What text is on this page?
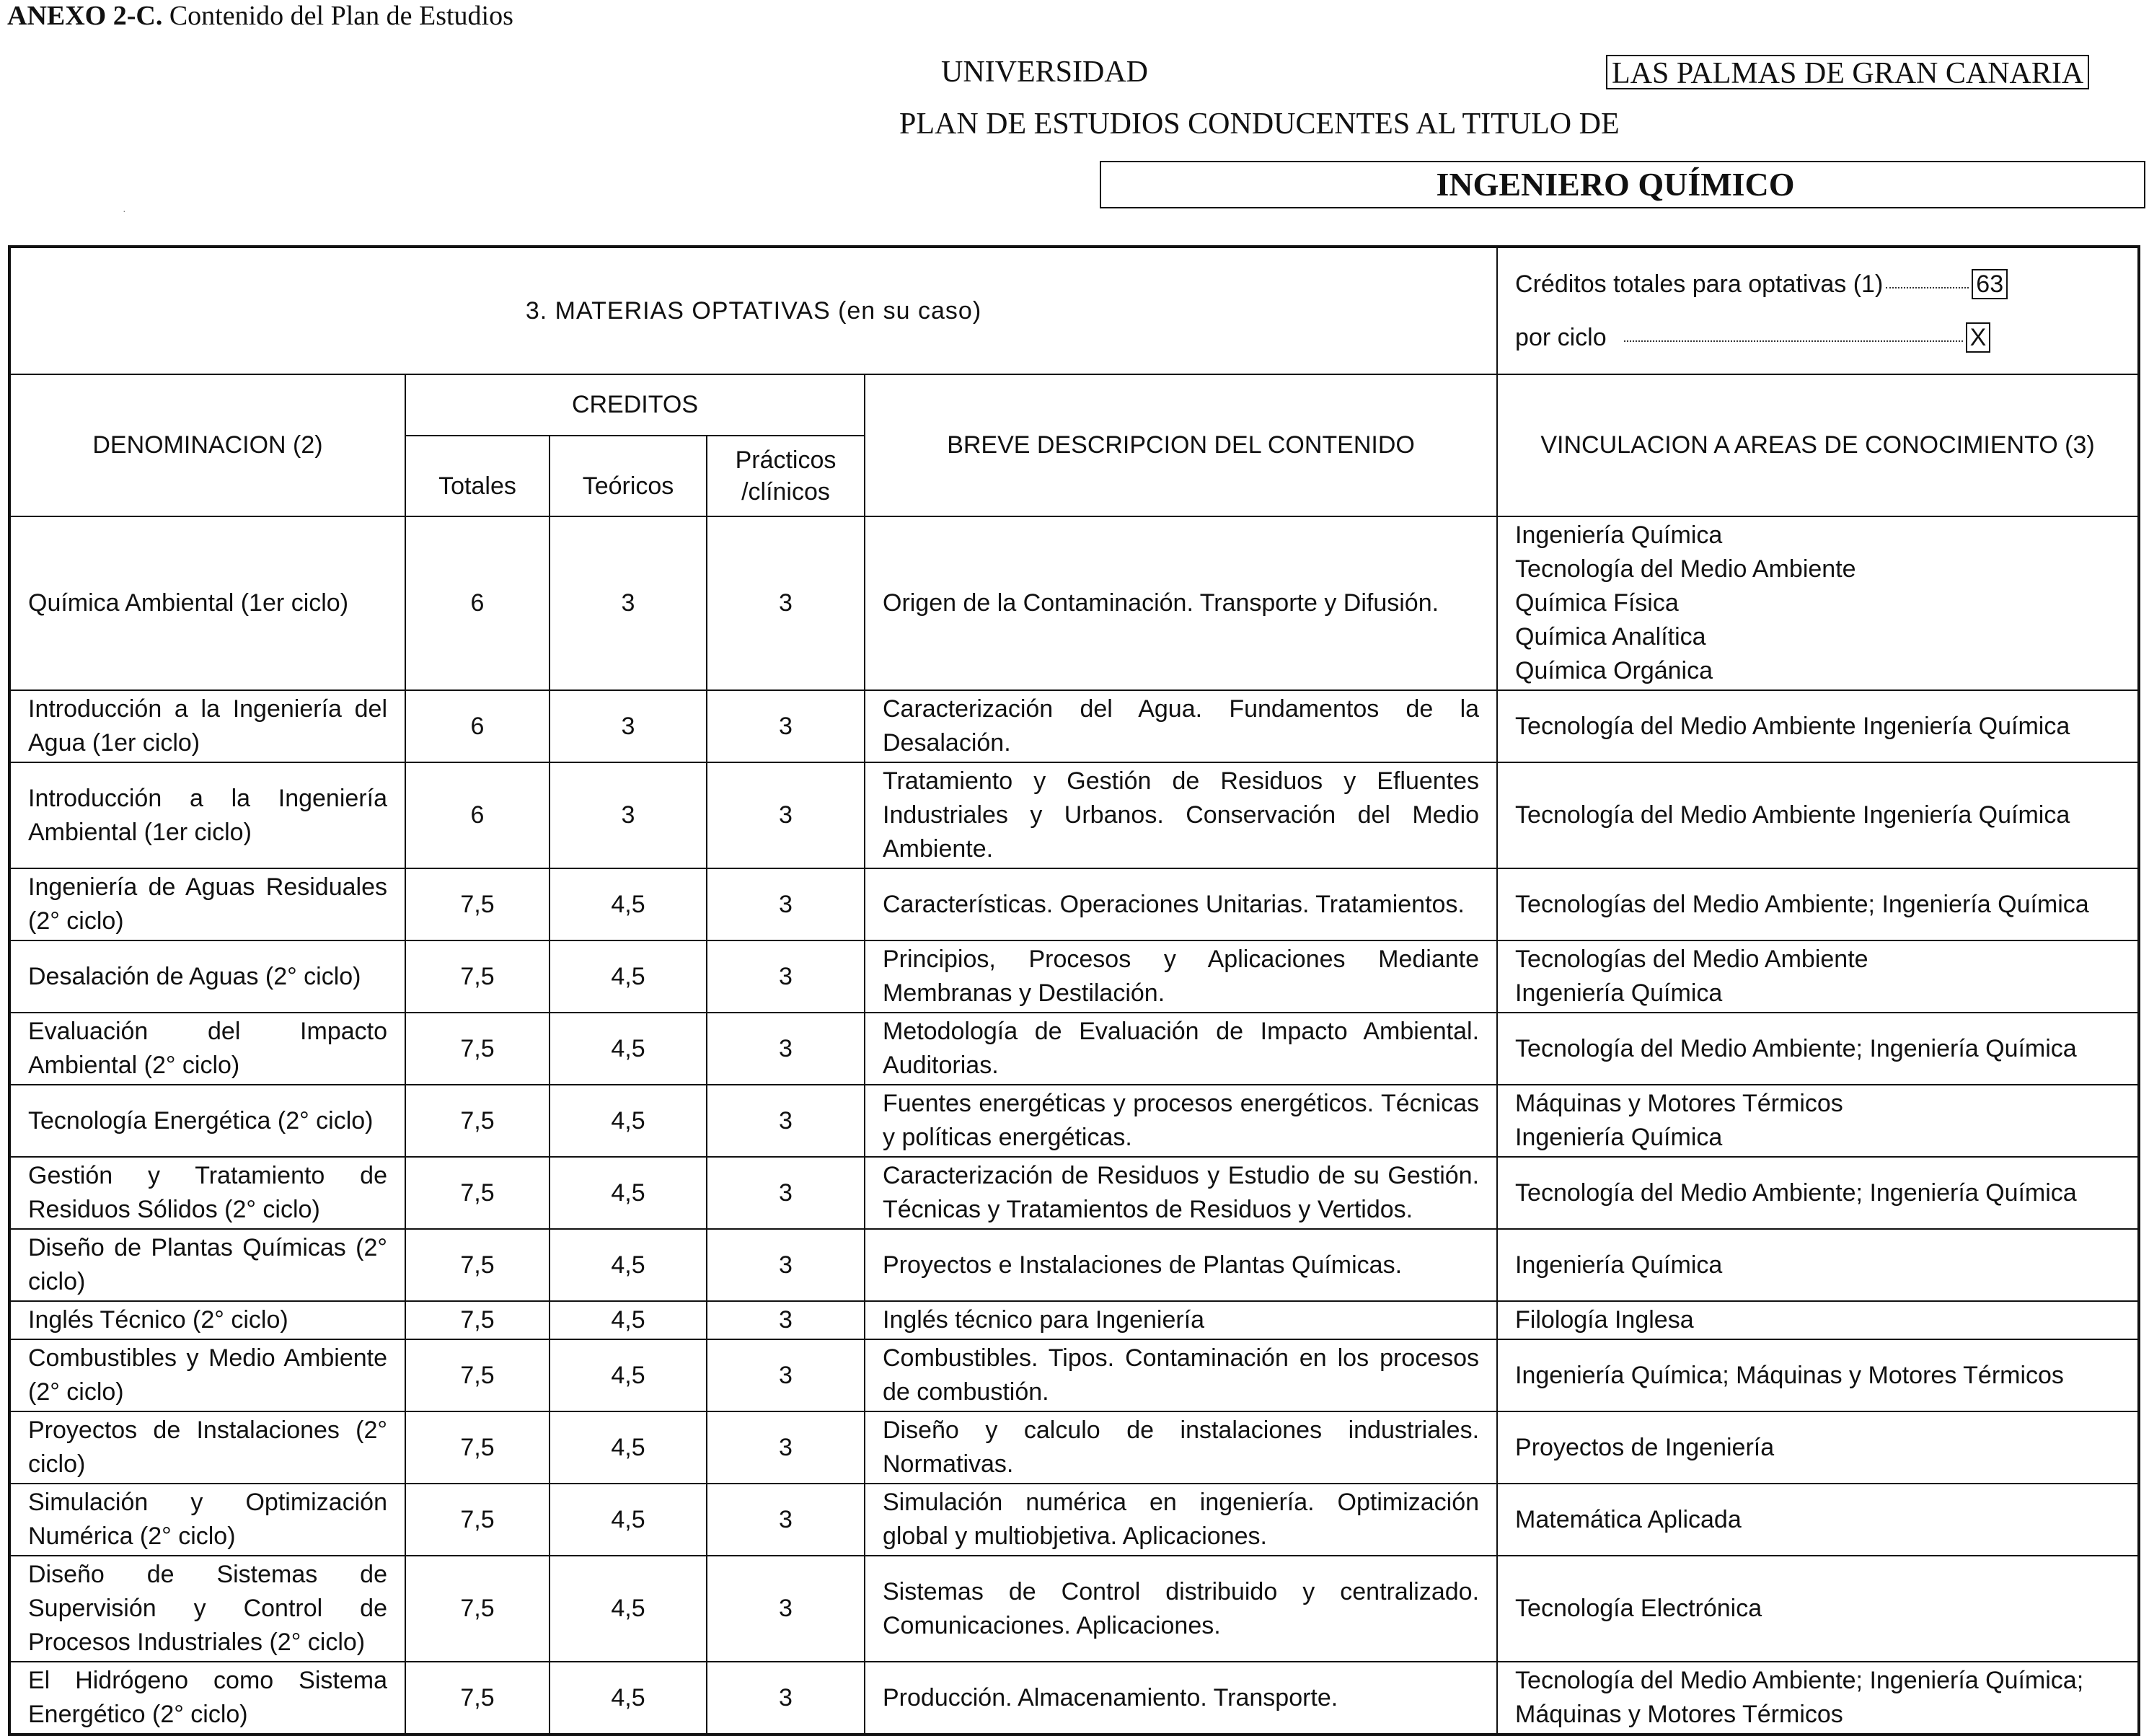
ANEXO 2-C. Contenido del Plan de Estudios
UNIVERSIDAD	LAS PALMAS DE GRAN CANARIA
PLAN DE ESTUDIOS CONDUCENTES AL TITULO DE
INGENIERO QUÍMICO
3. MATERIAS OPTATIVAS (en su caso)					Créditos totales para optativas (1) 63
por ciclo X

DENOMINACION (2)	CREDITOS			BREVE DESCRIPCION DEL CONTENIDO	VINCULACION A AREAS DE CONOCIMIENTO (3)
	Totales	Teóricos	Prácticos /clínicos		
Química Ambiental (1er ciclo)	6	3	3	Origen de la Contaminación. Transporte y Difusión.	Ingeniería Química
Tecnología del Medio Ambiente
Química Física
Química Analítica
Química Orgánica

Introducción a la Ingeniería del Agua (1er ciclo)	6	3	3	Caracterización del Agua. Fundamentos de la Desalación.	Tecnología del Medio Ambiente Ingeniería Química

Introducción a la Ingeniería Ambiental (1er ciclo)	6	3	3	Tratamiento y Gestión de Residuos y Efluentes Industriales y Urbanos. Conservación del Medio Ambiente.	Tecnología del Medio Ambiente Ingeniería Química

Ingeniería de Aguas Residuales (2° ciclo)	7,5	4,5	3	Características. Operaciones Unitarias. Tratamientos.	Tecnologías del Medio Ambiente; Ingeniería Química

Desalación de Aguas (2° ciclo)	7,5	4,5	3	Principios, Procesos y Aplicaciones Mediante Membranas y Destilación.	Tecnologías del Medio Ambiente
Ingeniería Química

Evaluación del Impacto Ambiental (2° ciclo)	7,5	4,5	3	Metodología de Evaluación de Impacto Ambiental. Auditorias.	Tecnología del Medio Ambiente; Ingeniería Química

Tecnología Energética (2° ciclo)	7,5	4,5	3	Fuentes energéticas y procesos energéticos. Técnicas y políticas energéticas.	Máquinas y Motores Térmicos
Ingeniería Química

Gestión y Tratamiento de Residuos Sólidos (2° ciclo)	7,5	4,5	3	Caracterización de Residuos y Estudio de su Gestión. Técnicas y Tratamientos de Residuos y Vertidos.	Tecnología del Medio Ambiente; Ingeniería Química

Diseño de Plantas Químicas (2° ciclo)	7,5	4,5	3	Proyectos e Instalaciones de Plantas Químicas.	Ingeniería Química

Inglés Técnico (2° ciclo)	7,5	4,5	3	Inglés técnico para Ingeniería	Filología Inglesa

Combustibles y Medio Ambiente (2° ciclo)	7,5	4,5	3	Combustibles. Tipos. Contaminación en los procesos de combustión.	Ingeniería Química; Máquinas y Motores Térmicos

Proyectos de Instalaciones (2° ciclo)	7,5	4,5	3	Diseño y calculo de instalaciones industriales. Normativas.	Proyectos de Ingeniería

Simulación y Optimización Numérica (2° ciclo)	7,5	4,5	3	Simulación numérica en ingeniería. Optimización global y multiobjetiva. Aplicaciones.	Matemática Aplicada

Diseño de Sistemas de Supervisión y Control de Procesos Industriales (2° ciclo)	7,5	4,5	3	Sistemas de Control distribuido y centralizado. Comunicaciones. Aplicaciones.	Tecnología Electrónica

El Hidrógeno como Sistema Energético (2° ciclo)	7,5	4,5	3	Producción. Almacenamiento. Transporte.	Tecnología del Medio Ambiente; Ingeniería Química;
Máquinas y Motores Térmicos
·
